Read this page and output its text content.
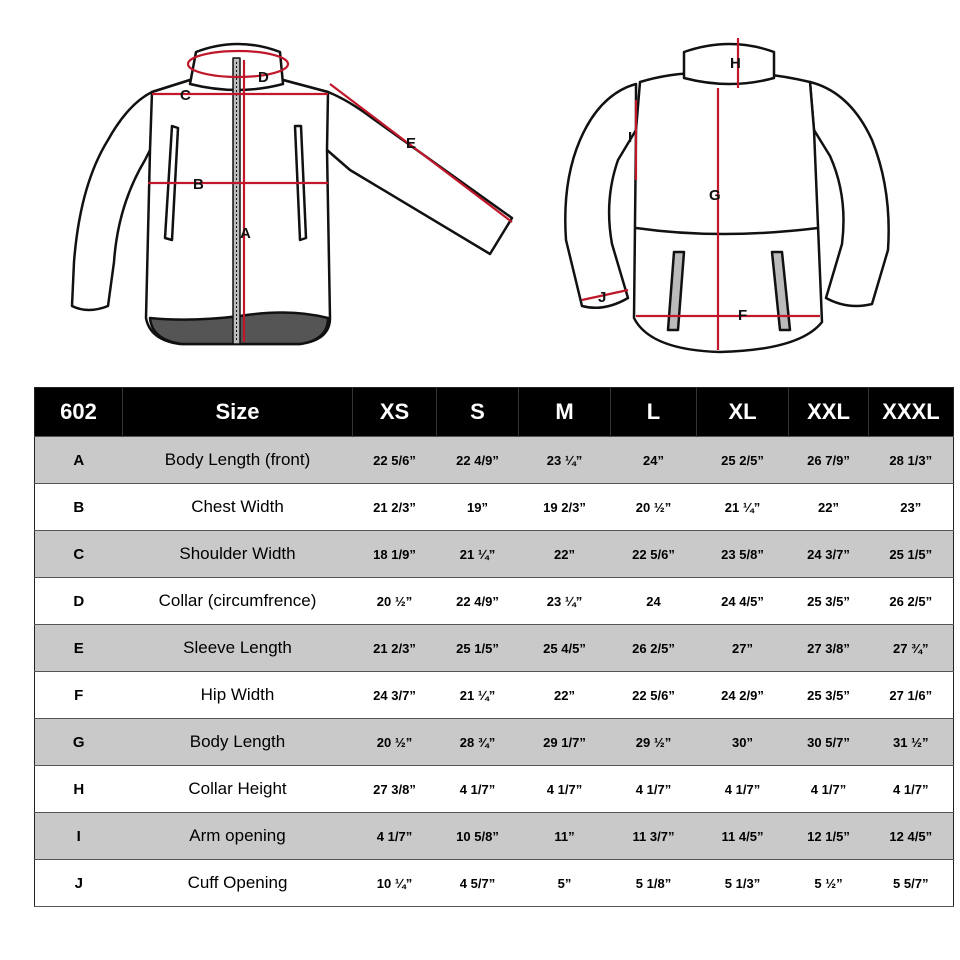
A
B
C
D
E
F
G
H
I
J
602	Size	XS	S	M	L	XL	XXL	XXXL
A	Body Length (front)	22 5/6”	22 4/9”	23 ¼”	24”	25 2/5”	26 7/9”	28 1/3”
B	Chest Width	21 2/3”	19”	19 2/3”	20 ½”	21 ¼”	22”	23”
C	Shoulder Width	18 1/9”	21 ¼”	22”	22 5/6”	23 5/8”	24 3/7”	25 1/5”
D	Collar (circumfrence)	20 ½”	22 4/9”	23 ¼”	24	24 4/5”	25 3/5”	26 2/5”
E	Sleeve Length	21 2/3”	25 1/5”	25 4/5”	26 2/5”	27”	27 3/8”	27 ¾”
F	Hip Width	24 3/7”	21 ¼”	22”	22 5/6”	24 2/9”	25 3/5”	27 1/6”
G	Body Length	20 ½”	28 ¾”	29 1/7”	29 ½”	30”	30 5/7”	31 ½”
H	Collar Height	27 3/8”	4 1/7”	4 1/7”	4 1/7”	4 1/7”	4 1/7”	4 1/7”
I	Arm opening	4 1/7”	10 5/8”	11”	11 3/7”	11 4/5”	12 1/5”	12 4/5”
J	Cuff Opening	10 ¼”	4 5/7”	5”	5 1/8”	5 1/3”	5 ½”	5 5/7”
